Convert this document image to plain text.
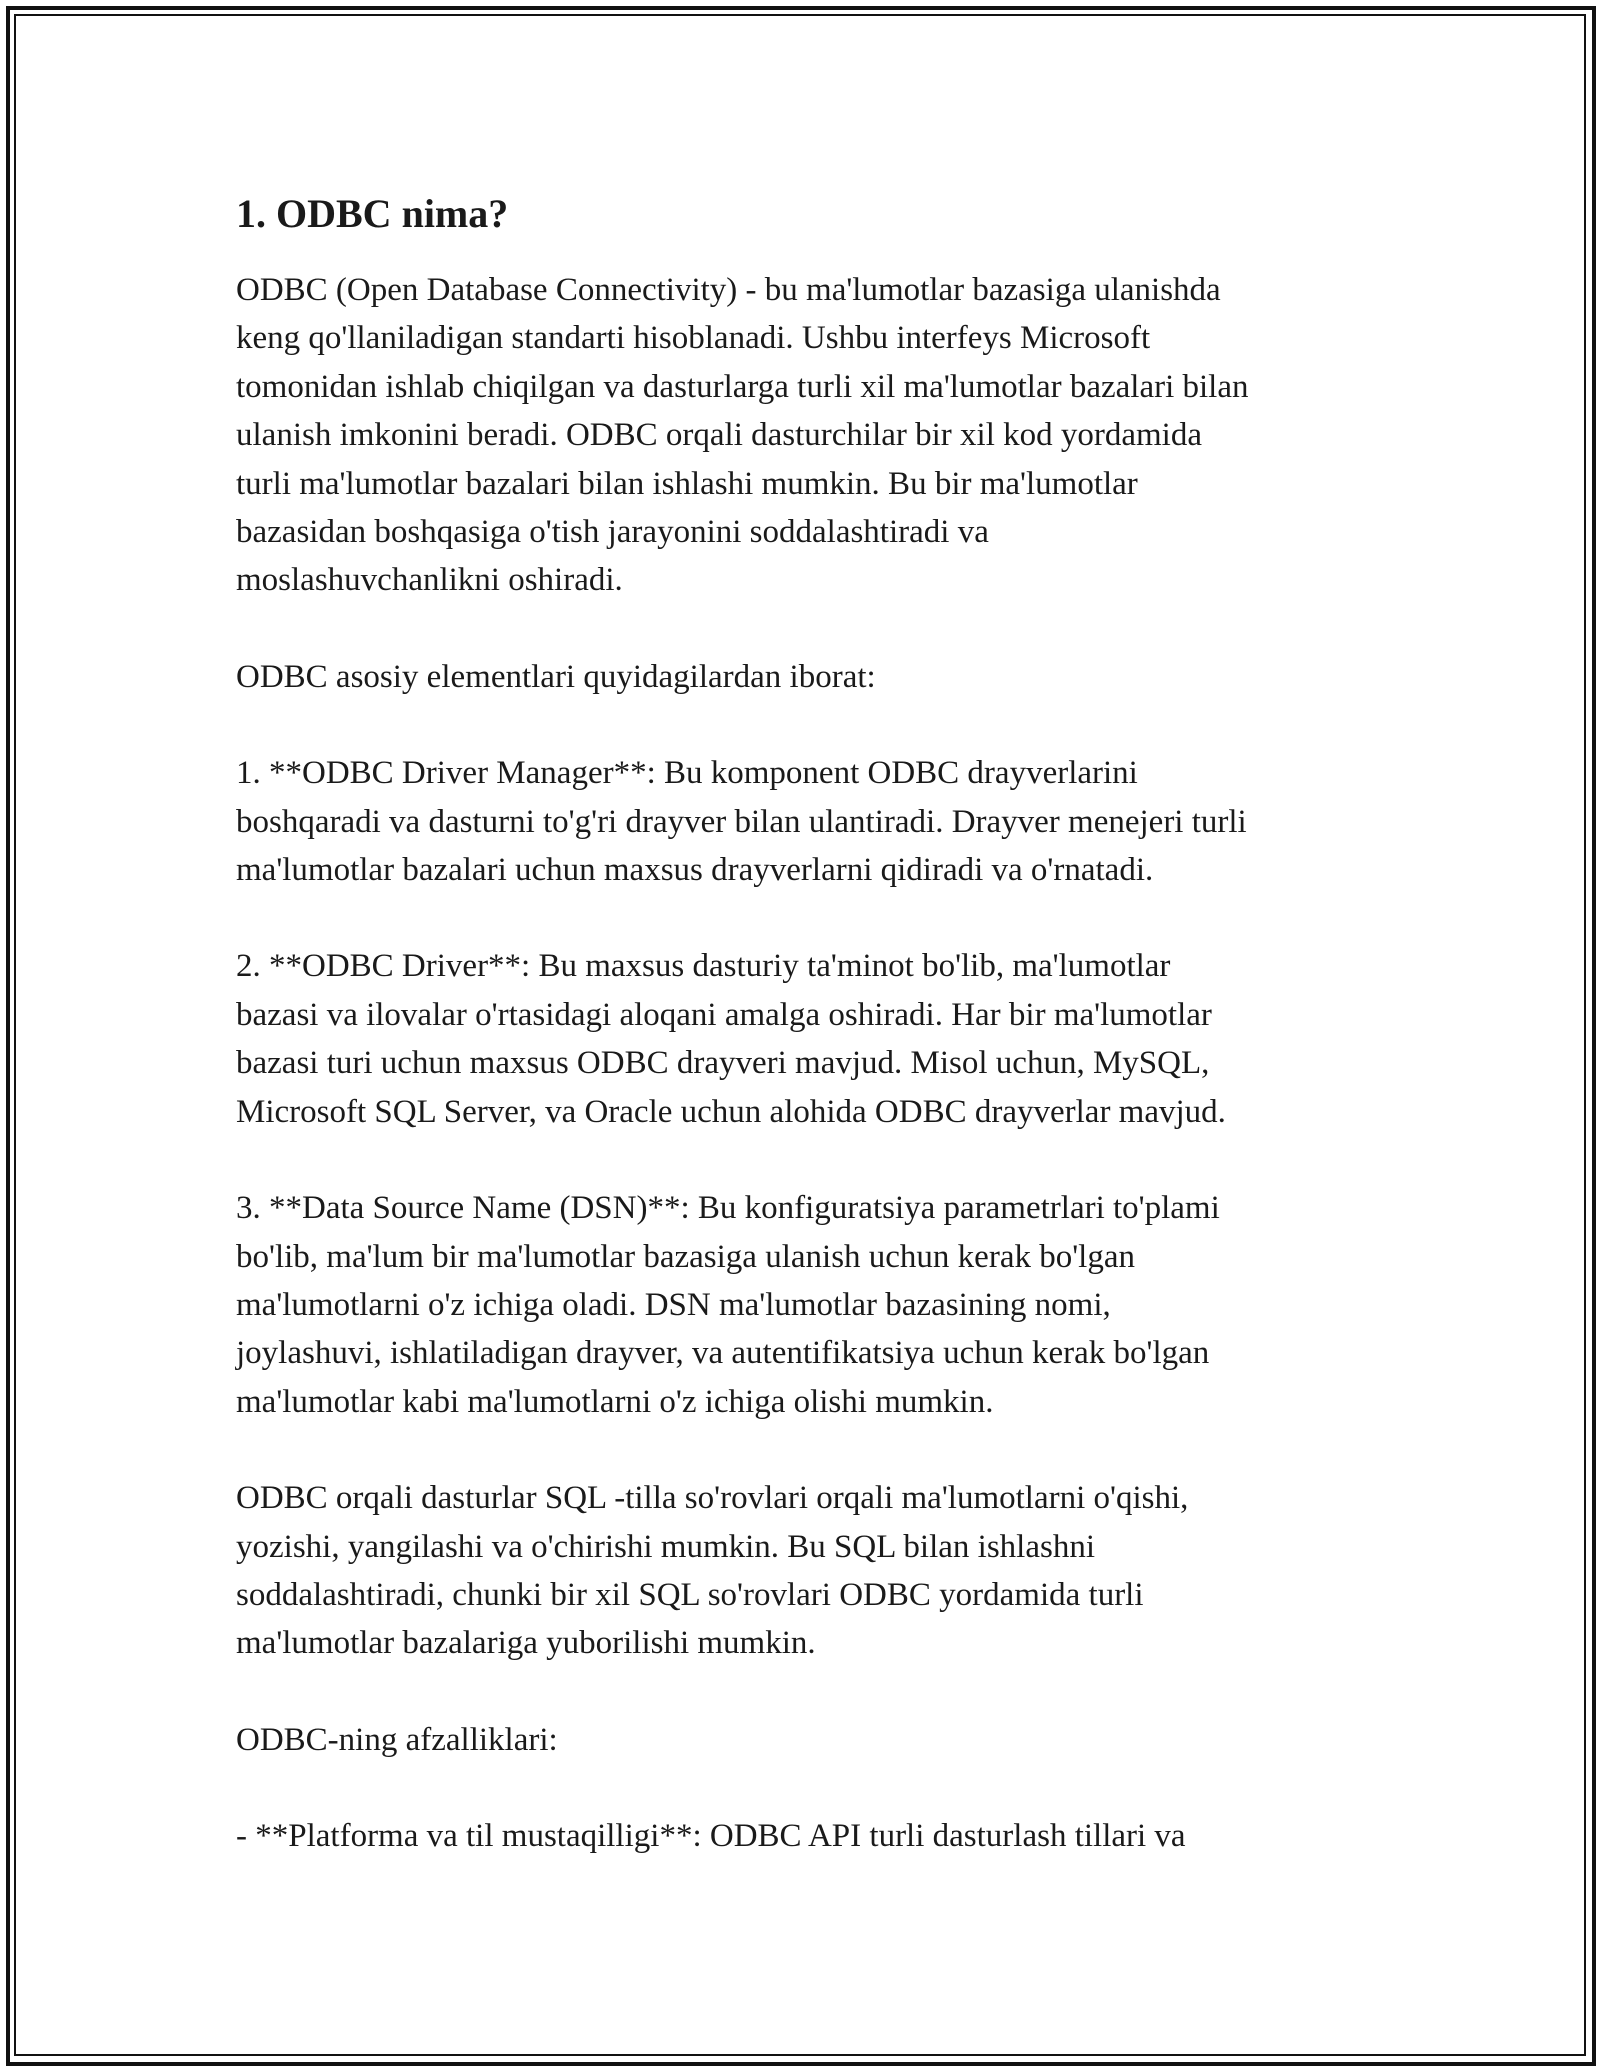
1. ODBC nima?

ODBC (Open Database Connectivity) - bu ma'lumotlar bazasiga ulanishda
keng qo'llaniladigan standarti hisoblanadi. Ushbu interfeys Microsoft
tomonidan ishlab chiqilgan va dasturlarga turli xil ma'lumotlar bazalari bilan
ulanish imkonini beradi. ODBC orqali dasturchilar bir xil kod yordamida
turli ma'lumotlar bazalari bilan ishlashi mumkin. Bu bir ma'lumotlar
bazasidan boshqasiga o'tish jarayonini soddalashtiradi va
moslashuvchanlikni oshiradi.

ODBC asosiy elementlari quyidagilardan iborat:

1. **ODBC Driver Manager**: Bu komponent ODBC drayverlarini
boshqaradi va dasturni to'g'ri drayver bilan ulantiradi. Drayver menejeri turli
ma'lumotlar bazalari uchun maxsus drayverlarni qidiradi va o'rnatadi.

2. **ODBC Driver**: Bu maxsus dasturiy ta'minot bo'lib, ma'lumotlar
bazasi va ilovalar o'rtasidagi aloqani amalga oshiradi. Har bir ma'lumotlar
bazasi turi uchun maxsus ODBC drayveri mavjud. Misol uchun, MySQL,
Microsoft SQL Server, va Oracle uchun alohida ODBC drayverlar mavjud.

3. **Data Source Name (DSN)**: Bu konfiguratsiya parametrlari to'plami
bo'lib, ma'lum bir ma'lumotlar bazasiga ulanish uchun kerak bo'lgan
ma'lumotlarni o'z ichiga oladi. DSN ma'lumotlar bazasining nomi,
joylashuvi, ishlatiladigan drayver, va autentifikatsiya uchun kerak bo'lgan
ma'lumotlar kabi ma'lumotlarni o'z ichiga olishi mumkin.

ODBC orqali dasturlar SQL -tilla so'rovlari orqali ma'lumotlarni o'qishi,
yozishi, yangilashi va o'chirishi mumkin. Bu SQL bilan ishlashni
soddalashtiradi, chunki bir xil SQL so'rovlari ODBC yordamida turli
ma'lumotlar bazalariga yuborilishi mumkin.

ODBC-ning afzalliklari:

- **Platforma va til mustaqilligi**: ODBC API turli dasturlash tillari va
